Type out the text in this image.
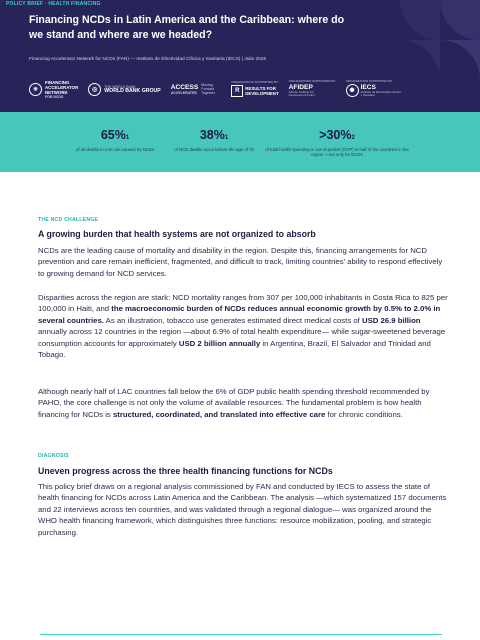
POLICY BRIEF · HEALTH FINANCING
Financing NCDs in Latin America and the Caribbean: where do we stand and where are we headed?
Financing Accelerator Network for NCDs (FAN) — Instituto de Efectividad Clínica y Sanitaria (IECS) | Julio 2026
✳
FINANCING
ACCELERATOR
NETWORK
FOR NCDS
◎	THE WORLD BANK
WORLD BANK GROUP ACCESS
ACCELERATED
Moving Forward Together
ORGANIZATION SUPPORTED BY
R	RESULTS FOR
DEVELOPMENT
ORGANIZATION SUPPORTED BY
AFIDEP
African Institute for Development Policy
ORGANIZATION SUPPORTED BY
✺
IECS
Instituto de Efectividad Clínica y Sanitaria
65%1
of all deaths in LAC are caused by NCDs
38%1
of NCD deaths occur before the age of 70
>30%2
of total health spending is out-of-pocket (OOP) in half of the countries in the region —not only for NCDs
THE NCD CHALLENGE
A growing burden that health systems are not organized to absorb
NCDs are the leading cause of mortality and disability in the region. Despite this, financing arrangements for NCD prevention and care remain inefficient, fragmented, and difficult to track, limiting countries' ability to respond effectively to growing demand for NCD services.
Disparities across the region are stark: NCD mortality ranges from 307 per 100,000 inhabitants in Costa Rica to 825 per 100,000 in Haiti, and the macroeconomic burden of NCDs reduces annual economic growth by 0.5% to 2.0% in several countries. As an illustration, tobacco use generates estimated direct medical costs of USD 26.9 billion annually across 12 countries in the region —about 6.9% of total health expenditure— while sugar-sweetened beverage consumption accounts for approximately USD 2 billion annually in Argentina, Brazil, El Salvador and Trinidad and Tobago.
Although nearly half of LAC countries fall below the 6% of GDP public health spending threshold recommended by PAHO, the core challenge is not only the volume of available resources. The fundamental problem is how health financing for NCDs is structured, coordinated, and translated into effective care for chronic conditions.
DIAGNOSIS
Uneven progress across the three health financing functions for NCDs
This policy brief draws on a regional analysis commissioned by FAN and conducted by IECS to assess the state of health financing for NCDs across Latin America and the Caribbean. The analysis —which systematized 157 documents and 22 interviews across ten countries, and was validated through a regional dialogue— was organized around the WHO health financing framework, which distinguishes three functions: resource mobilization, pooling, and strategic purchasing.
